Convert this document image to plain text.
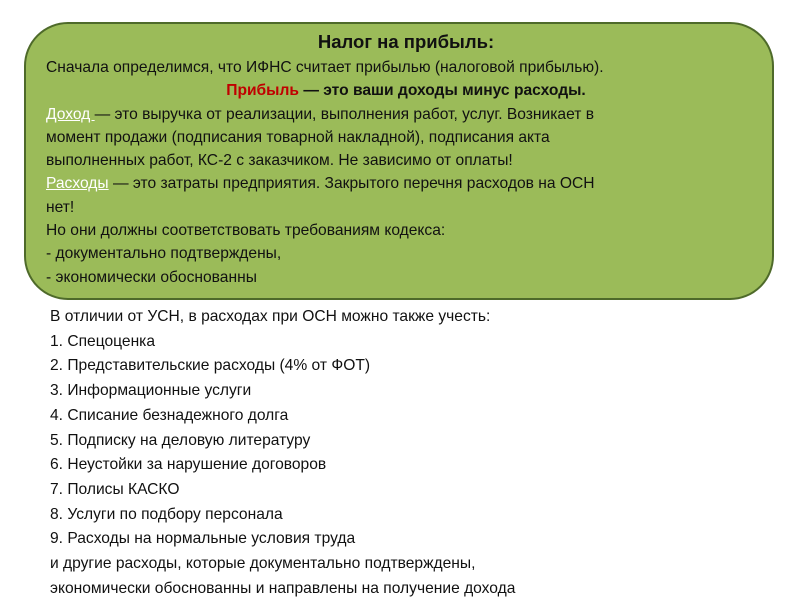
Налог на прибыль:
Сначала определимся, что ИФНС считает прибылью (налоговой прибылью).
Прибыль — это ваши доходы минус расходы.
Доход — это выручка от реализации, выполнения работ, услуг. Возникает в
момент продажи (подписания товарной накладной), подписания акта
выполненных работ, КС-2 с заказчиком. Не зависимо от оплаты!
Расходы — это затраты предприятия. Закрытого перечня расходов на ОСН
нет!
Но они должны соответствовать требованиям кодекса:
- документально подтверждены,
- экономически обоснованны
В отличии от УСН, в расходах при ОСН можно также учесть:
1. Спецоценка
2. Представительские расходы (4% от ФОТ)
3. Информационные услуги
4. Списание безнадежного долга
5. Подписку на деловую литературу
6. Неустойки за нарушение договоров
7. Полисы КАСКО
8. Услуги по подбору персонала
9. Расходы на нормальные условия труда
и другие расходы, которые документально подтверждены,
экономически обоснованны и направлены на получение дохода
